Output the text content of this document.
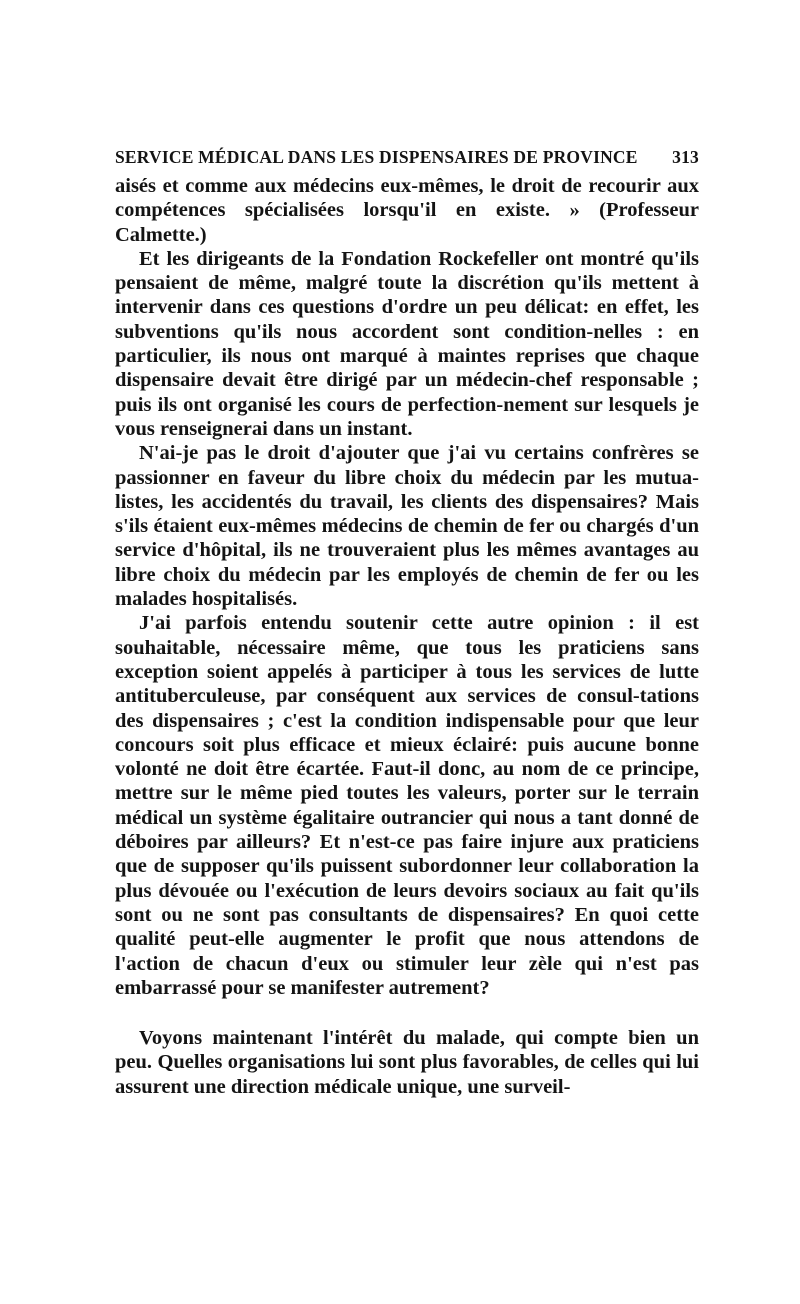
SERVICE MÉDICAL DANS LES DISPENSAIRES DE PROVINCE 313

aisés et comme aux médecins eux-mêmes, le droit de recourir aux compétences spécialisées lorsqu'il en existe. » (Professeur Calmette.)

Et les dirigeants de la Fondation Rockefeller ont montré qu'ils pensaient de même, malgré toute la discrétion qu'ils mettent à intervenir dans ces questions d'ordre un peu délicat: en effet, les subventions qu'ils nous accordent sont condition-nelles : en particulier, ils nous ont marqué à maintes reprises que chaque dispensaire devait être dirigé par un médecin-chef responsable ; puis ils ont organisé les cours de perfection-nement sur lesquels je vous renseignerai dans un instant.

N'ai-je pas le droit d'ajouter que j'ai vu certains confrères se passionner en faveur du libre choix du médecin par les mutua-listes, les accidentés du travail, les clients des dispensaires? Mais s'ils étaient eux-mêmes médecins de chemin de fer ou chargés d'un service d'hôpital, ils ne trouveraient plus les mêmes avantages au libre choix du médecin par les employés de chemin de fer ou les malades hospitalisés.

J'ai parfois entendu soutenir cette autre opinion : il est souhaitable, nécessaire même, que tous les praticiens sans exception soient appelés à participer à tous les services de lutte antituberculeuse, par conséquent aux services de consul-tations des dispensaires ; c'est la condition indispensable pour que leur concours soit plus efficace et mieux éclairé: puis aucune bonne volonté ne doit être écartée. Faut-il donc, au nom de ce principe, mettre sur le même pied toutes les valeurs, porter sur le terrain médical un système égalitaire outrancier qui nous a tant donné de déboires par ailleurs? Et n'est-ce pas faire injure aux praticiens que de supposer qu'ils puissent subordonner leur collaboration la plus dévouée ou l'exécution de leurs devoirs sociaux au fait qu'ils sont ou ne sont pas consultants de dispensaires? En quoi cette qualité peut-elle augmenter le profit que nous attendons de l'action de chacun d'eux ou stimuler leur zèle qui n'est pas embarrassé pour se manifester autrement?

Voyons maintenant l'intérêt du malade, qui compte bien un peu. Quelles organisations lui sont plus favorables, de celles qui lui assurent une direction médicale unique, une surveil-
